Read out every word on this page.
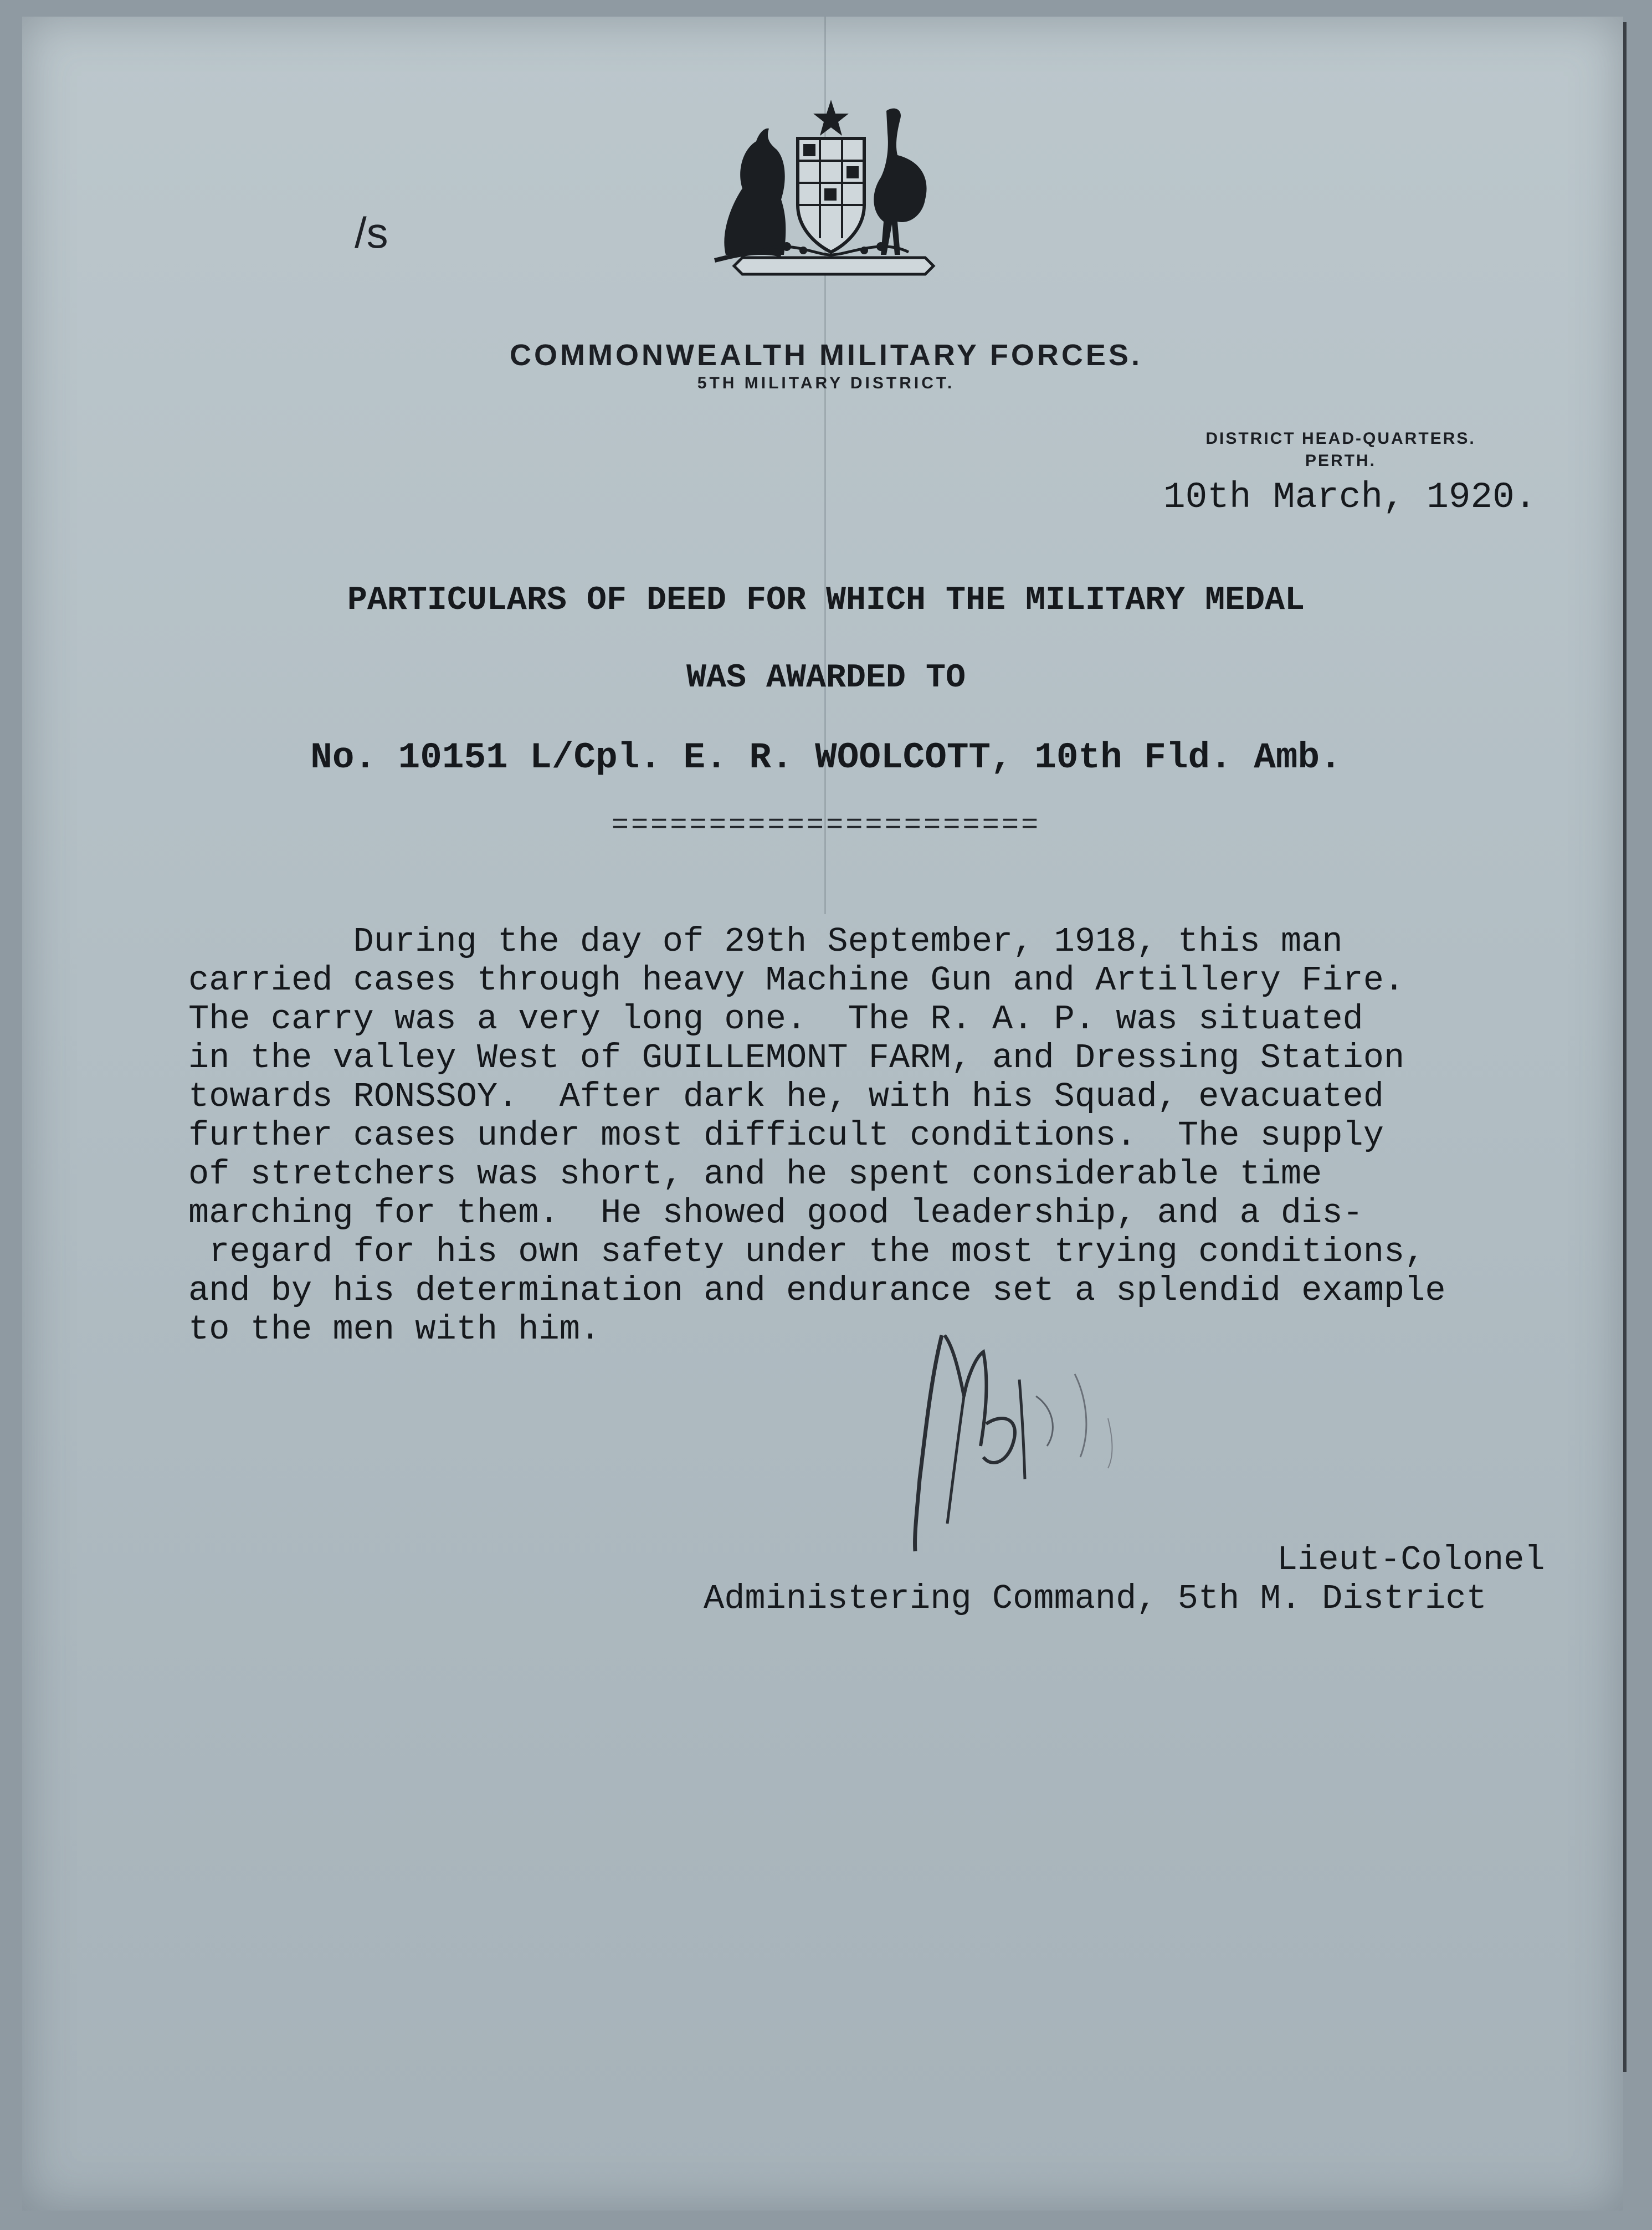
/s
COMMONWEALTH MILITARY FORCES.
5TH MILITARY DISTRICT.
DISTRICT HEAD-QUARTERS.
PERTH.
10th March, 1920.
PARTICULARS OF DEED FOR WHICH THE MILITARY MEDAL
WAS AWARDED TO
No. 10151 L/Cpl. E. R. WOOLCOTT, 10th Fld. Amb.
======================
During the day of 29th September, 1918, this man
carried cases through heavy Machine Gun and Artillery Fire.
The carry was a very long one.  The R. A. P. was situated
in the valley West of GUILLEMONT FARM, and Dressing Station
towards RONSSOY.  After dark he, with his Squad, evacuated
further cases under most difficult conditions.  The supply
of stretchers was short, and he spent considerable time
marching for them.  He showed good leadership, and a dis-
regard for his own safety under the most trying conditions,
and by his determination and endurance set a splendid example
to the men with him.
Lieut-Colonel
Administering Command, 5th M. District
